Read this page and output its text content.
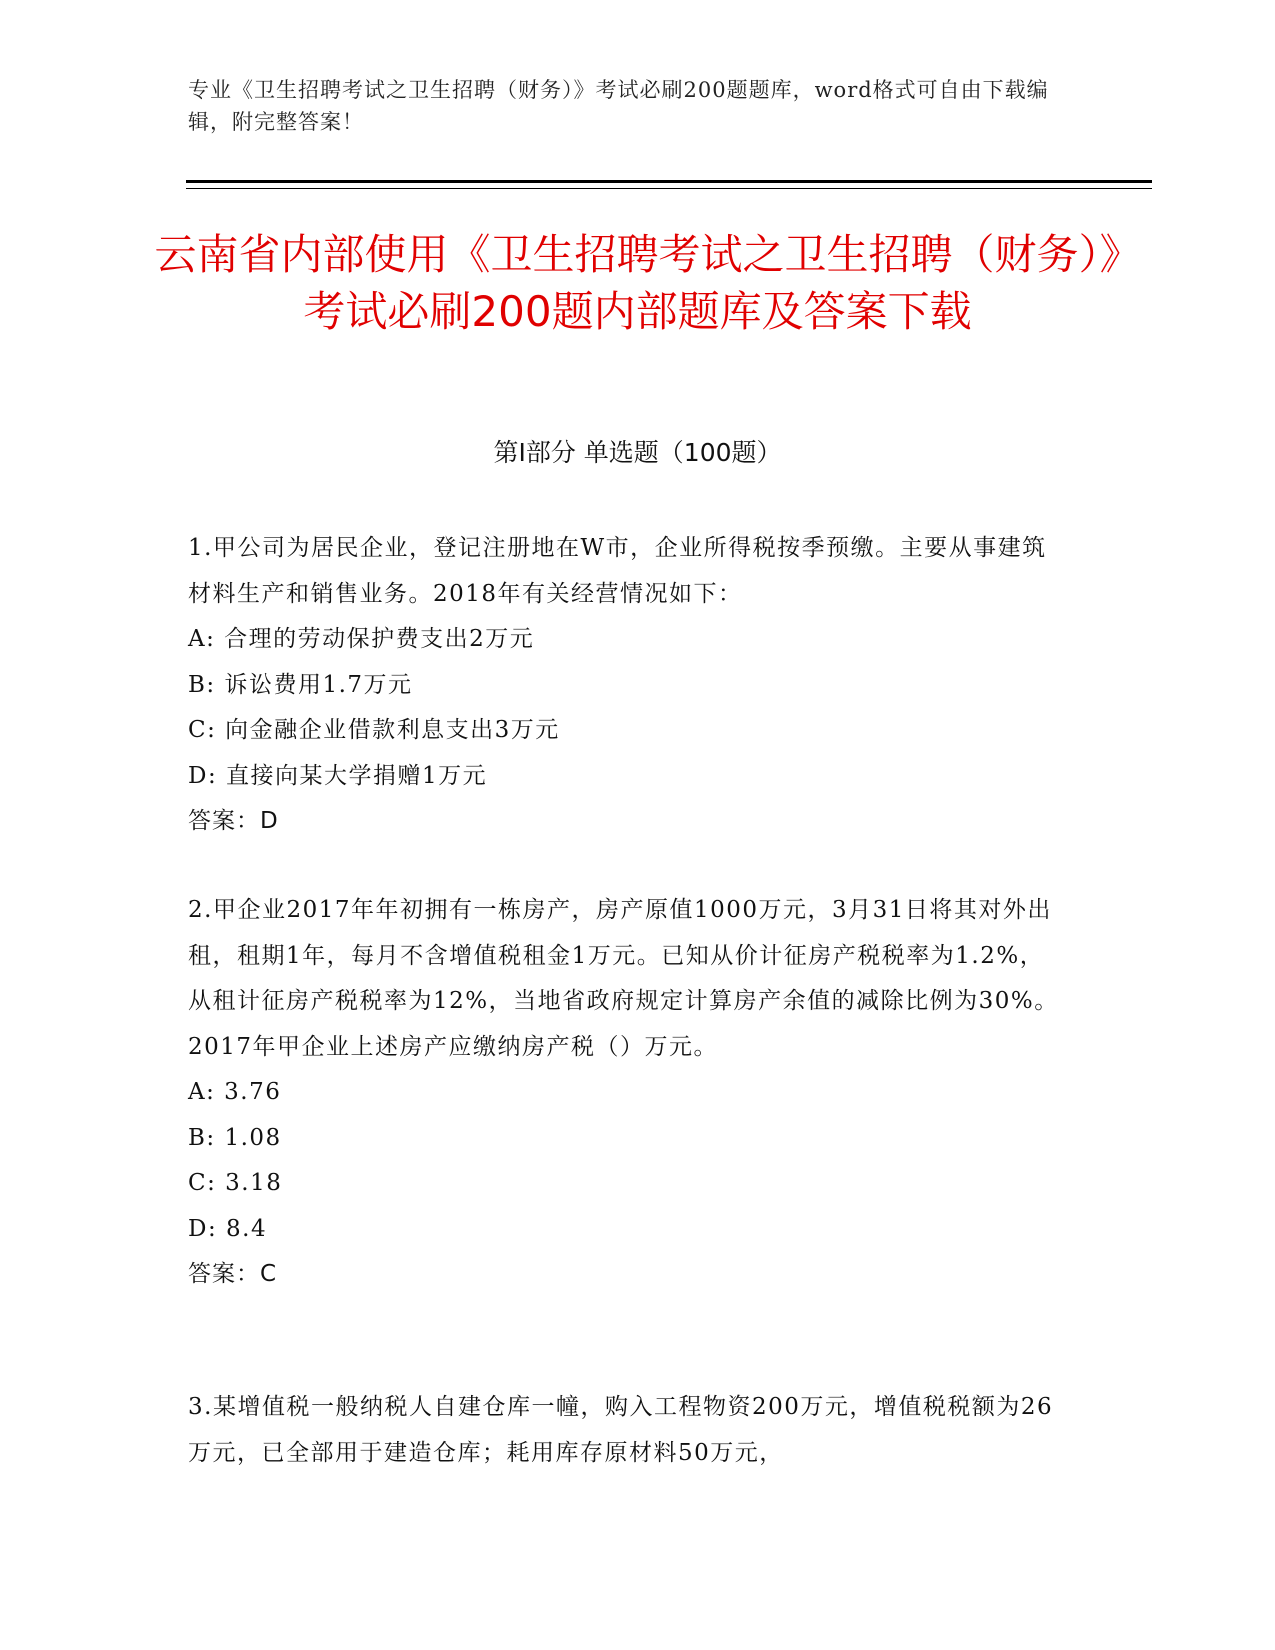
专业《卫生招聘考试之卫生招聘（财务）》考试必刷200题题库，word格式可自由下载编辑，附完整答案！
云南省内部使用《卫生招聘考试之卫生招聘（财务）》考试必刷200题内部题库及答案下载
第I部分 单选题（100题）

1.甲公司为居民企业，登记注册地在W市，企业所得税按季预缴。主要从事建筑材料生产和销售业务。2018年有关经营情况如下：

A: 合理的劳动保护费支出2万元

B: 诉讼费用1.7万元

C: 向金融企业借款利息支出3万元

D: 直接向某大学捐赠1万元

答案：D

2.甲企业2017年年初拥有一栋房产，房产原值1000万元，3月31日将其对外出租，租期1年，每月不含增值税租金1万元。已知从价计征房产税税率为1.2%，从租计征房产税税率为12%，当地省政府规定计算房产余值的减除比例为30%。2017年甲企业上述房产应缴纳房产税（）万元。

A: 3.76

B: 1.08

C: 3.18

D: 8.4

答案：C

3.某增值税一般纳税人自建仓库一幢，购入工程物资200万元，增值税税额为26万元，已全部用于建造仓库；耗用库存原材料50万元，
